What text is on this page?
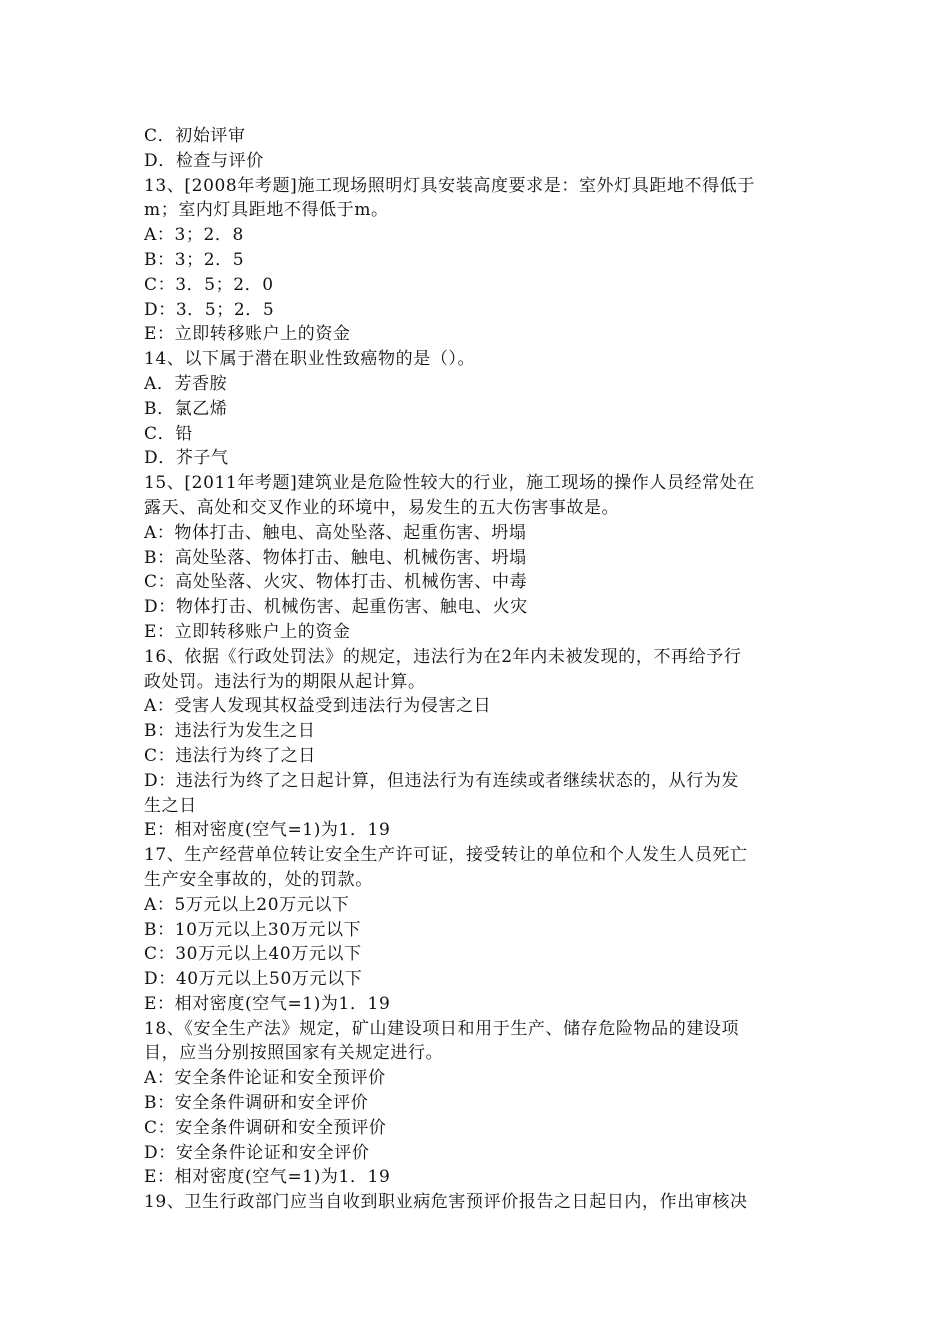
C．初始评审
D．检查与评价
13、[2008年考题]施工现场照明灯具安装高度要求是：室外灯具距地不得低于
m；室内灯具距地不得低于m。
A：3；2．8
B：3；2．5
C：3．5；2．0
D：3．5；2．5
E：立即转移账户上的资金
14、以下属于潜在职业性致癌物的是（）。
A．芳香胺
B．氯乙烯
C．铅
D．芥子气
15、[2011年考题]建筑业是危险性较大的行业，施工现场的操作人员经常处在
露天、高处和交叉作业的环境中，易发生的五大伤害事故是。
A：物体打击、触电、高处坠落、起重伤害、坍塌
B：高处坠落、物体打击、触电、机械伤害、坍塌
C：高处坠落、火灾、物体打击、机械伤害、中毒
D：物体打击、机械伤害、起重伤害、触电、火灾
E：立即转移账户上的资金
16、依据《行政处罚法》的规定，违法行为在2年内未被发现的，不再给予行
政处罚。违法行为的期限从起计算。
A：受害人发现其权益受到违法行为侵害之日
B：违法行为发生之日
C：违法行为终了之日
D：违法行为终了之日起计算，但违法行为有连续或者继续状态的，从行为发
生之日
E：相对密度(空气=1)为1．19
17、生产经营单位转让安全生产许可证，接受转让的单位和个人发生人员死亡
生产安全事故的，处的罚款。
A：5万元以上20万元以下
B：10万元以上30万元以下
C：30万元以上40万元以下
D：40万元以上50万元以下
E：相对密度(空气=1)为1．19
18、《安全生产法》规定，矿山建设项日和用于生产、储存危险物品的建设项
目，应当分别按照国家有关规定进行。
A：安全条件论证和安全预评价
B：安全条件调研和安全评价
C：安全条件调研和安全预评价
D：安全条件论证和安全评价
E：相对密度(空气=1)为1．19
19、卫生行政部门应当自收到职业病危害预评价报告之日起日内，作出审核决
